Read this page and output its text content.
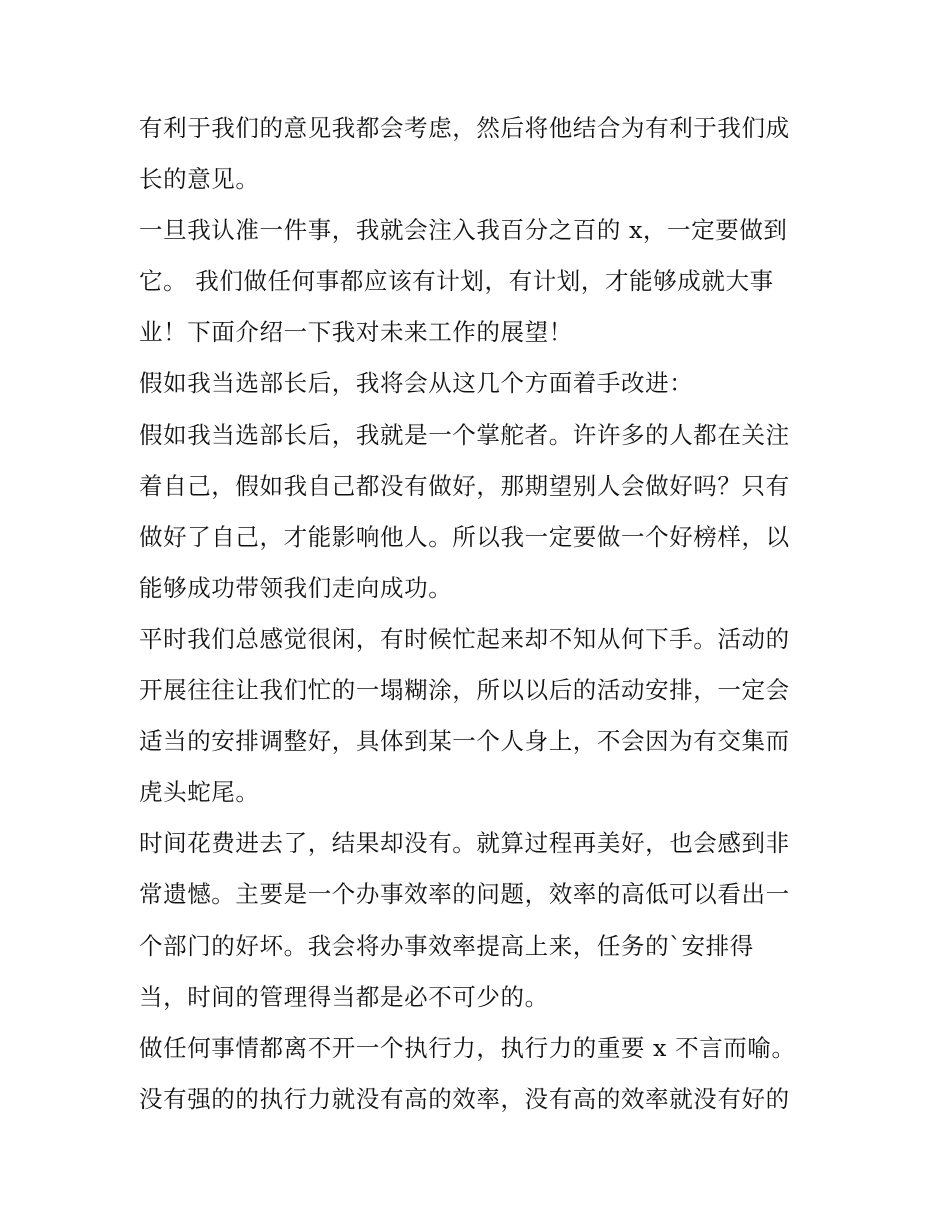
有利于我们的意见我都会考虑，然后将他结合为有利于我们成
长的意见。
一旦我认准一件事，我就会注入我百分之百的 x，一定要做到
它。 我们做任何事都应该有计划，有计划，才能够成就大事
业！下面介绍一下我对未来工作的展望！
假如我当选部长后，我将会从这几个方面着手改进：
假如我当选部长后，我就是一个掌舵者。许许多的人都在关注
着自己，假如我自己都没有做好，那期望别人会做好吗？只有
做好了自己，才能影响他人。所以我一定要做一个好榜样，以
能够成功带领我们走向成功。
平时我们总感觉很闲，有时候忙起来却不知从何下手。活动的
开展往往让我们忙的一塌糊涂，所以以后的活动安排，一定会
适当的安排调整好，具体到某一个人身上，不会因为有交集而
虎头蛇尾。
时间花费进去了，结果却没有。就算过程再美好，也会感到非
常遗憾。主要是一个办事效率的问题，效率的高低可以看出一
个部门的好坏。我会将办事效率提高上来，任务的`安排得
当，时间的管理得当都是必不可少的。
做任何事情都离不开一个执行力，执行力的重要 x 不言而喻。
没有强的的执行力就没有高的效率，没有高的效率就没有好的
